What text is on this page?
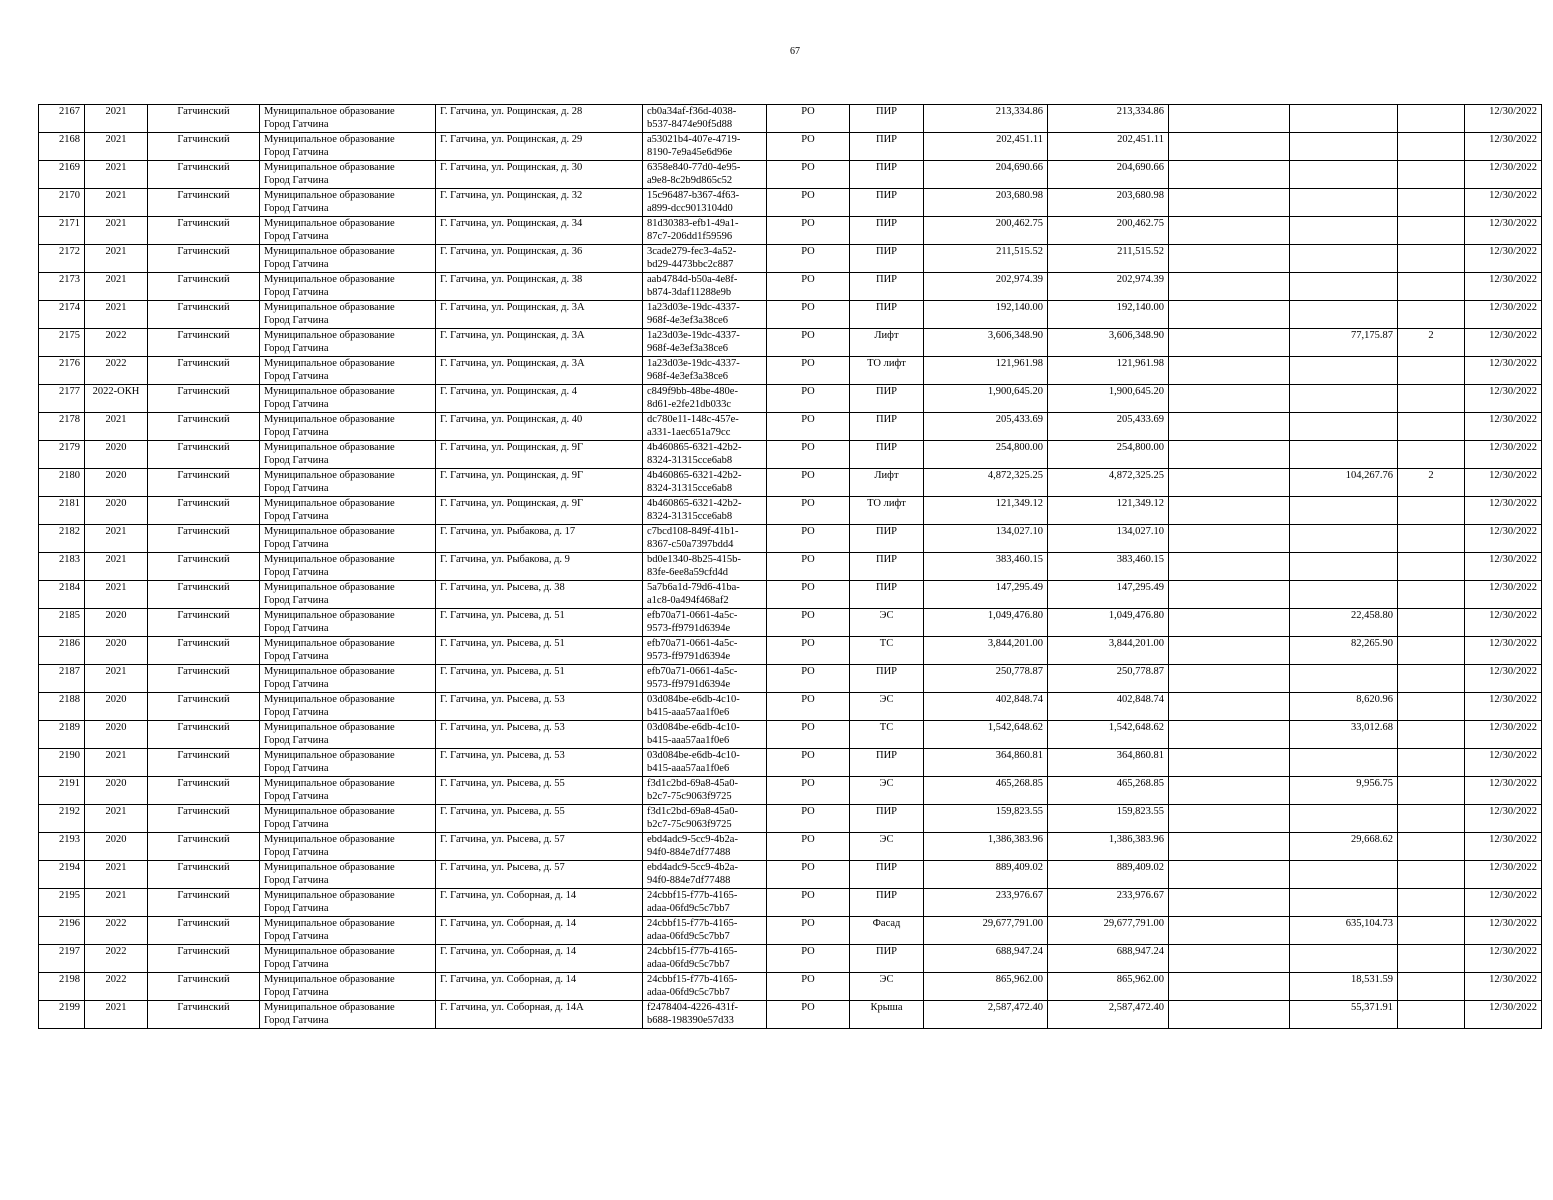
67
2167	2021	Гатчинский	Муниципальное образование
Город Гатчина	Г. Гатчина, ул. Рощинская, д. 28	cb0a34af-f36d-4038-
b537-8474e90f5d88	РО	ПИР	213,334.86	213,334.86				12/30/2022
2168	2021	Гатчинский	Муниципальное образование
Город Гатчина	Г. Гатчина, ул. Рощинская, д. 29	a53021b4-407e-4719-
8190-7e9a45e6d96e	РО	ПИР	202,451.11	202,451.11				12/30/2022
2169	2021	Гатчинский	Муниципальное образование
Город Гатчина	Г. Гатчина, ул. Рощинская, д. 30	6358e840-77d0-4e95-
a9e8-8c2b9d865c52	РО	ПИР	204,690.66	204,690.66				12/30/2022
2170	2021	Гатчинский	Муниципальное образование
Город Гатчина	Г. Гатчина, ул. Рощинская, д. 32	15c96487-b367-4f63-
a899-dcc9013104d0	РО	ПИР	203,680.98	203,680.98				12/30/2022
2171	2021	Гатчинский	Муниципальное образование
Город Гатчина	Г. Гатчина, ул. Рощинская, д. 34	81d30383-efb1-49a1-
87c7-206dd1f59596	РО	ПИР	200,462.75	200,462.75				12/30/2022
2172	2021	Гатчинский	Муниципальное образование
Город Гатчина	Г. Гатчина, ул. Рощинская, д. 36	3cade279-fec3-4a52-
bd29-4473bbc2c887	РО	ПИР	211,515.52	211,515.52				12/30/2022
2173	2021	Гатчинский	Муниципальное образование
Город Гатчина	Г. Гатчина, ул. Рощинская, д. 38	aab4784d-b50a-4e8f-
b874-3daf11288e9b	РО	ПИР	202,974.39	202,974.39				12/30/2022
2174	2021	Гатчинский	Муниципальное образование
Город Гатчина	Г. Гатчина, ул. Рощинская, д. 3А	1a23d03e-19dc-4337-
968f-4e3ef3a38ce6	РО	ПИР	192,140.00	192,140.00				12/30/2022
2175	2022	Гатчинский	Муниципальное образование
Город Гатчина	Г. Гатчина, ул. Рощинская, д. 3А	1a23d03e-19dc-4337-
968f-4e3ef3a38ce6	РО	Лифт	3,606,348.90	3,606,348.90		77,175.87	2	12/30/2022
2176	2022	Гатчинский	Муниципальное образование
Город Гатчина	Г. Гатчина, ул. Рощинская, д. 3А	1a23d03e-19dc-4337-
968f-4e3ef3a38ce6	РО	ТО лифт	121,961.98	121,961.98				12/30/2022
2177	2022-ОКН	Гатчинский	Муниципальное образование
Город Гатчина	Г. Гатчина, ул. Рощинская, д. 4	c849f9bb-48be-480e-
8d61-e2fe21db033c	РО	ПИР	1,900,645.20	1,900,645.20				12/30/2022
2178	2021	Гатчинский	Муниципальное образование
Город Гатчина	Г. Гатчина, ул. Рощинская, д. 40	dc780e11-148c-457e-
a331-1aec651a79cc	РО	ПИР	205,433.69	205,433.69				12/30/2022
2179	2020	Гатчинский	Муниципальное образование
Город Гатчина	Г. Гатчина, ул. Рощинская, д. 9Г	4b460865-6321-42b2-
8324-31315cce6ab8	РО	ПИР	254,800.00	254,800.00				12/30/2022
2180	2020	Гатчинский	Муниципальное образование
Город Гатчина	Г. Гатчина, ул. Рощинская, д. 9Г	4b460865-6321-42b2-
8324-31315cce6ab8	РО	Лифт	4,872,325.25	4,872,325.25		104,267.76	2	12/30/2022
2181	2020	Гатчинский	Муниципальное образование
Город Гатчина	Г. Гатчина, ул. Рощинская, д. 9Г	4b460865-6321-42b2-
8324-31315cce6ab8	РО	ТО лифт	121,349.12	121,349.12				12/30/2022
2182	2021	Гатчинский	Муниципальное образование
Город Гатчина	Г. Гатчина, ул. Рыбакова, д. 17	c7bcd108-849f-41b1-
8367-c50a7397bdd4	РО	ПИР	134,027.10	134,027.10				12/30/2022
2183	2021	Гатчинский	Муниципальное образование
Город Гатчина	Г. Гатчина, ул. Рыбакова, д. 9	bd0e1340-8b25-415b-
83fe-6ee8a59cfd4d	РО	ПИР	383,460.15	383,460.15				12/30/2022
2184	2021	Гатчинский	Муниципальное образование
Город Гатчина	Г. Гатчина, ул. Рысева, д. 38	5a7b6a1d-79d6-41ba-
a1c8-0a494f468af2	РО	ПИР	147,295.49	147,295.49				12/30/2022
2185	2020	Гатчинский	Муниципальное образование
Город Гатчина	Г. Гатчина, ул. Рысева, д. 51	efb70a71-0661-4a5c-
9573-ff9791d6394e	РО	ЭС	1,049,476.80	1,049,476.80		22,458.80		12/30/2022
2186	2020	Гатчинский	Муниципальное образование
Город Гатчина	Г. Гатчина, ул. Рысева, д. 51	efb70a71-0661-4a5c-
9573-ff9791d6394e	РО	ТС	3,844,201.00	3,844,201.00		82,265.90		12/30/2022
2187	2021	Гатчинский	Муниципальное образование
Город Гатчина	Г. Гатчина, ул. Рысева, д. 51	efb70a71-0661-4a5c-
9573-ff9791d6394e	РО	ПИР	250,778.87	250,778.87				12/30/2022
2188	2020	Гатчинский	Муниципальное образование
Город Гатчина	Г. Гатчина, ул. Рысева, д. 53	03d084be-e6db-4c10-
b415-aaa57aa1f0e6	РО	ЭС	402,848.74	402,848.74		8,620.96		12/30/2022
2189	2020	Гатчинский	Муниципальное образование
Город Гатчина	Г. Гатчина, ул. Рысева, д. 53	03d084be-e6db-4c10-
b415-aaa57aa1f0e6	РО	ТС	1,542,648.62	1,542,648.62		33,012.68		12/30/2022
2190	2021	Гатчинский	Муниципальное образование
Город Гатчина	Г. Гатчина, ул. Рысева, д. 53	03d084be-e6db-4c10-
b415-aaa57aa1f0e6	РО	ПИР	364,860.81	364,860.81				12/30/2022
2191	2020	Гатчинский	Муниципальное образование
Город Гатчина	Г. Гатчина, ул. Рысева, д. 55	f3d1c2bd-69a8-45a0-
b2c7-75c9063f9725	РО	ЭС	465,268.85	465,268.85		9,956.75		12/30/2022
2192	2021	Гатчинский	Муниципальное образование
Город Гатчина	Г. Гатчина, ул. Рысева, д. 55	f3d1c2bd-69a8-45a0-
b2c7-75c9063f9725	РО	ПИР	159,823.55	159,823.55				12/30/2022
2193	2020	Гатчинский	Муниципальное образование
Город Гатчина	Г. Гатчина, ул. Рысева, д. 57	ebd4adc9-5cc9-4b2a-
94f0-884e7df77488	РО	ЭС	1,386,383.96	1,386,383.96		29,668.62		12/30/2022
2194	2021	Гатчинский	Муниципальное образование
Город Гатчина	Г. Гатчина, ул. Рысева, д. 57	ebd4adc9-5cc9-4b2a-
94f0-884e7df77488	РО	ПИР	889,409.02	889,409.02				12/30/2022
2195	2021	Гатчинский	Муниципальное образование
Город Гатчина	Г. Гатчина, ул. Соборная, д. 14	24cbbf15-f77b-4165-
adaa-06fd9c5c7bb7	РО	ПИР	233,976.67	233,976.67				12/30/2022
2196	2022	Гатчинский	Муниципальное образование
Город Гатчина	Г. Гатчина, ул. Соборная, д. 14	24cbbf15-f77b-4165-
adaa-06fd9c5c7bb7	РО	Фасад	29,677,791.00	29,677,791.00		635,104.73		12/30/2022
2197	2022	Гатчинский	Муниципальное образование
Город Гатчина	Г. Гатчина, ул. Соборная, д. 14	24cbbf15-f77b-4165-
adaa-06fd9c5c7bb7	РО	ПИР	688,947.24	688,947.24				12/30/2022
2198	2022	Гатчинский	Муниципальное образование
Город Гатчина	Г. Гатчина, ул. Соборная, д. 14	24cbbf15-f77b-4165-
adaa-06fd9c5c7bb7	РО	ЭС	865,962.00	865,962.00		18,531.59		12/30/2022
2199	2021	Гатчинский	Муниципальное образование
Город Гатчина	Г. Гатчина, ул. Соборная, д. 14А	f2478404-4226-431f-
b688-198390e57d33	РО	Крыша	2,587,472.40	2,587,472.40		55,371.91		12/30/2022
